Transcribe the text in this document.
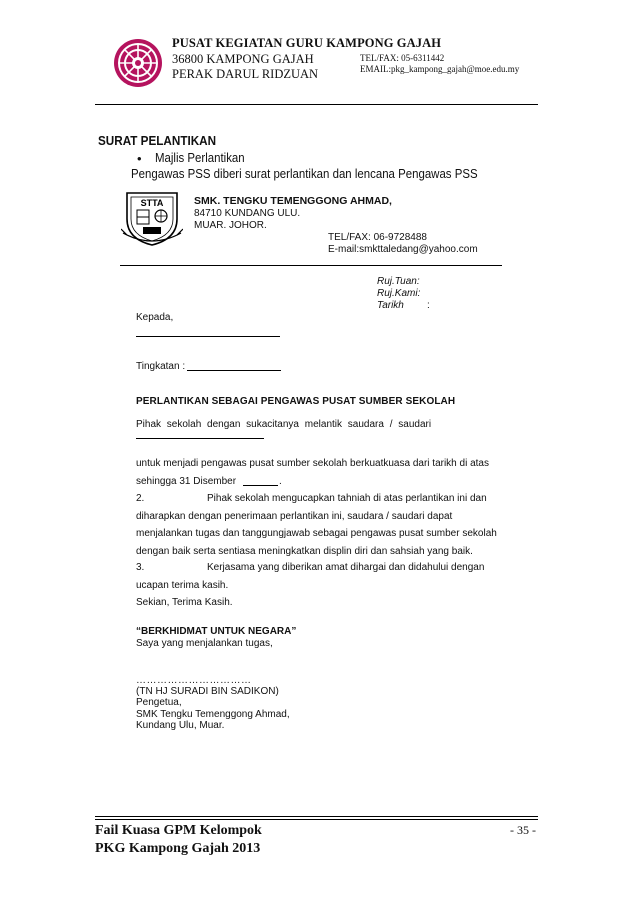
PUSAT KEGIATAN GURU KAMPONG GAJAH
36800 KAMPONG GAJAH
PERAK DARUL RIDZUAN
TEL/FAX: 05-6311442
EMAIL:pkg_kampong_gajah@moe.edu.my
SURAT PELANTIKAN
• Majlis Perlantikan
Pengawas PSS diberi surat perlantikan dan lencana Pengawas PSS
STTA	SMK. TENGKU TEMENGGONG AHMAD,
84710 KUNDANG ULU.
MUAR. JOHOR.
TEL/FAX: 06-9728488
E-mail:smkttaledang@yahoo.com
Ruj.Tuan:
Ruj.Kami:
Tarikh :
Kepada,
Tingkatan :
PERLANTIKAN SEBAGAI PENGAWAS PUSAT SUMBER SEKOLAH
Pihak sekolah dengan sukacitanya melantik saudara / saudari
untuk menjadi pengawas pusat sumber sekolah berkuatkuasa dari tarikh di atas
sehingga 31 Disember	.
2.	Pihak sekolah mengucapkan tahniah di atas perlantikan ini dan
diharapkan dengan penerimaan perlantikan ini, saudara / saudari dapat
menjalankan tugas dan tanggungjawab sebagai pengawas pusat sumber sekolah
dengan baik serta sentiasa meningkatkan displin diri dan sahsiah yang baik.
3.	Kerjasama yang diberikan amat dihargai dan didahului dengan
ucapan terima kasih.
Sekian, Terima Kasih.
“BERKHIDMAT UNTUK NEGARA”
Saya yang menjalankan tugas,
……………………………
(TN HJ SURADI BIN SADIKON)
Pengetua,
SMK Tengku Temenggong Ahmad,
Kundang Ulu, Muar.
Fail Kuasa GPM Kelompok
PKG Kampong Gajah 2013
- 35 -
